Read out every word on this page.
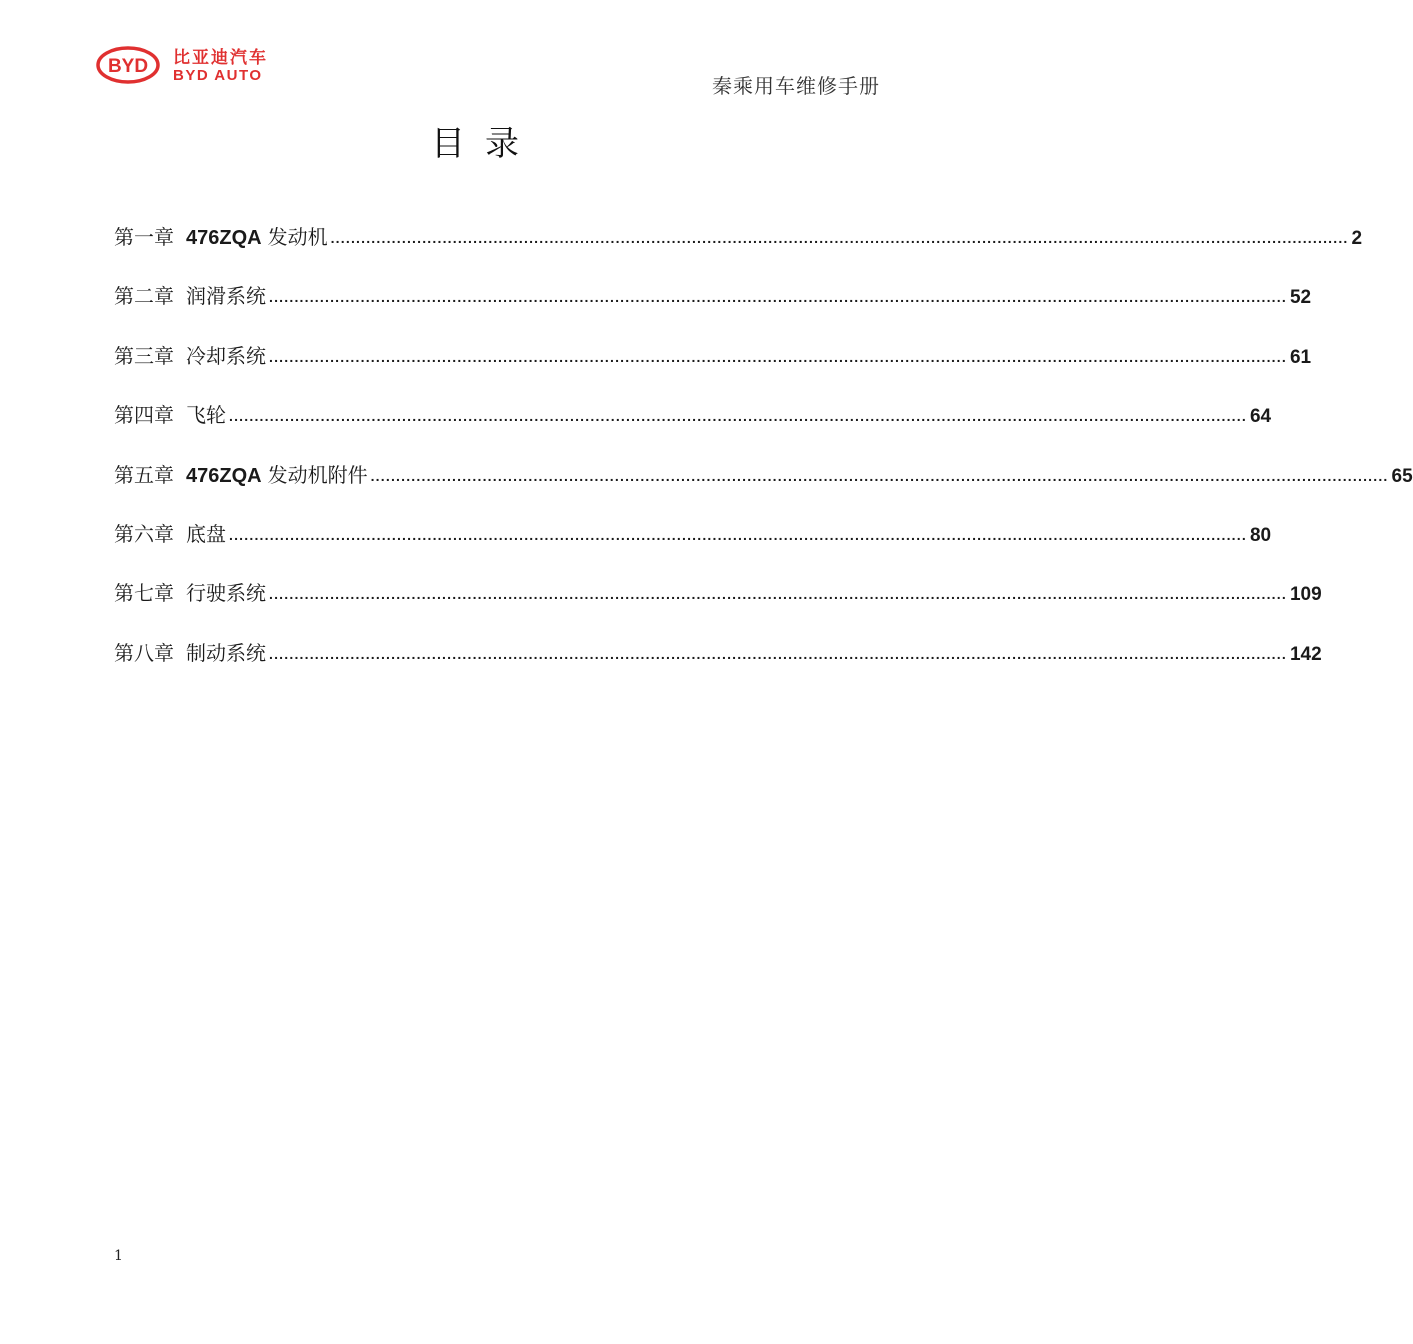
BYD 比亚迪汽车
BYD AUTO	秦乘用车维修手册
目 录
第一章 476ZQA 发动机 ........................................................................................................................................................................................................ 2
第二章 润滑系统 ........................................................................................................................................................................................................ 52
第三章 冷却系统 ........................................................................................................................................................................................................ 61
第四章 飞轮 ........................................................................................................................................................................................................ 64
第五章 476ZQA 发动机附件 ........................................................................................................................................................................................................ 65
第六章 底盘 ........................................................................................................................................................................................................ 80
第七章 行驶系统 ........................................................................................................................................................................................................ 109
第八章 制动系统 ........................................................................................................................................................................................................ 142
1
